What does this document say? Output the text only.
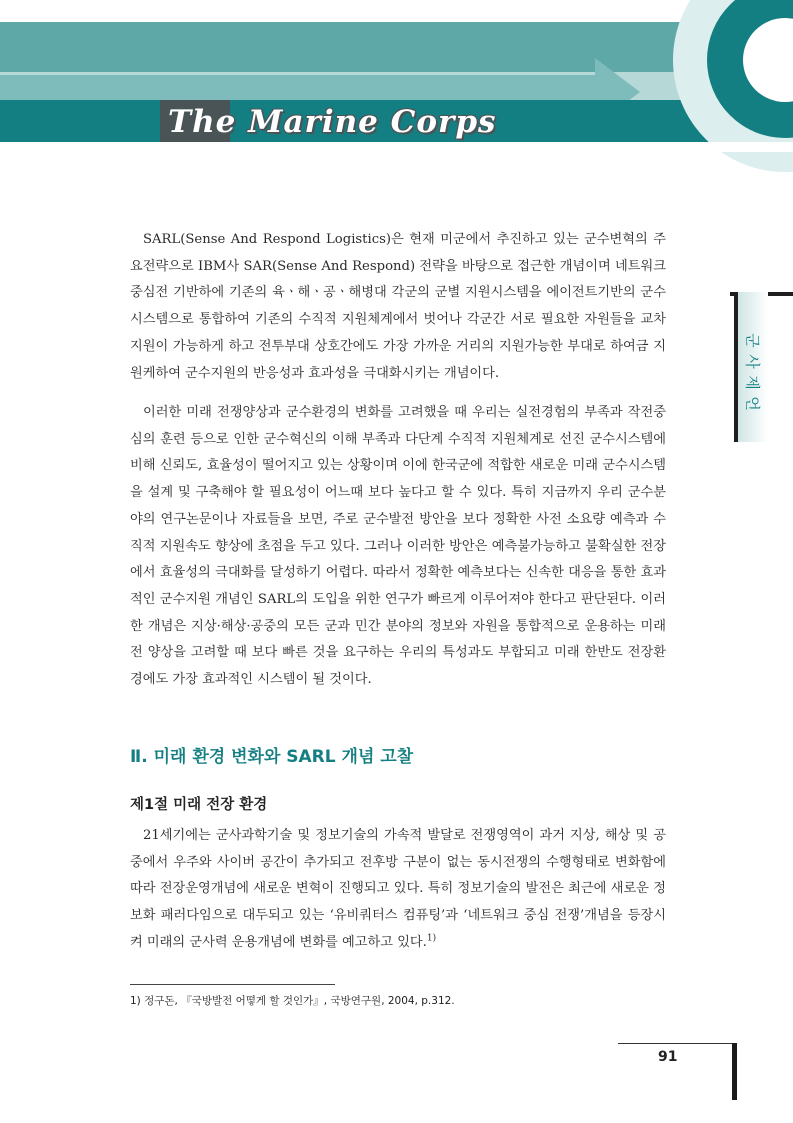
The Marine Corps

SARL(Sense And Respond Logistics)은 현재 미군에서 추진하고 있는 군수변혁의 주요전략으로 IBM사 SAR(Sense And Respond) 전략을 바탕으로 접근한 개념이며 네트워크 중심전 기반하에 기존의 육ㆍ해ㆍ공ㆍ해병대 각군의 군별 지원시스템을 에이전트기반의 군수시스템으로 통합하여 기존의 수직적 지원체계에서 벗어나 각군간 서로 필요한 자원들을 교차지원이 가능하게 하고 전투부대 상호간에도 가장 가까운 거리의 지원가능한 부대로 하여금 지원케하여 군수지원의 반응성과 효과성을 극대화시키는 개념이다.

이러한 미래 전쟁양상과 군수환경의 변화를 고려했을 때 우리는 실전경험의 부족과 작전중심의 훈련 등으로 인한 군수혁신의 이해 부족과 다단계 수직적 지원체계로 선진 군수시스템에 비해 신뢰도, 효율성이 떨어지고 있는 상황이며 이에 한국군에 적합한 새로운 미래 군수시스템을 설계 및 구축해야 할 필요성이 어느때 보다 높다고 할 수 있다. 특히 지금까지 우리 군수분야의 연구논문이나 자료들을 보면, 주로 군수발전 방안을 보다 정확한 사전 소요량 예측과 수직적 지원속도 향상에 초점을 두고 있다. 그러나 이러한 방안은 예측불가능하고 불확실한 전장에서 효율성의 극대화를 달성하기 어렵다. 따라서 정확한 예측보다는 신속한 대응을 통한 효과적인 군수지원 개념인 SARL의 도입을 위한 연구가 빠르게 이루어져야 한다고 판단된다. 이러한 개념은 지상·해상·공중의 모든 군과 민간 분야의 정보와 자원을 통합적으로 운용하는 미래전 양상을 고려할 때 보다 빠른 것을 요구하는 우리의 특성과도 부합되고 미래 한반도 전장환경에도 가장 효과적인 시스템이 될 것이다.

Ⅱ. 미래 환경 변화와 SARL 개념 고찰
제1절 미래 전장 환경

21세기에는 군사과학기술 및 정보기술의 가속적 발달로 전쟁영역이 과거 지상, 해상 및 공중에서 우주와 사이버 공간이 추가되고 전후방 구분이 없는 동시전쟁의 수행형태로 변화함에 따라 전장운영개념에 새로운 변혁이 진행되고 있다. 특히 정보기술의 발전은 최근에 새로운 정보화 패러다임으로 대두되고 있는 ‘유비쿼터스 컴퓨팅’과 ‘네트워크 중심 전쟁’개념을 등장시켜 미래의 군사력 운용개념에 변화를 예고하고 있다.$^{1)}$

1) 정구돈, 『국방발전 어떻게 할 것인가』, 국방연구원, 2004, p.312.
군
사
제
언
91
